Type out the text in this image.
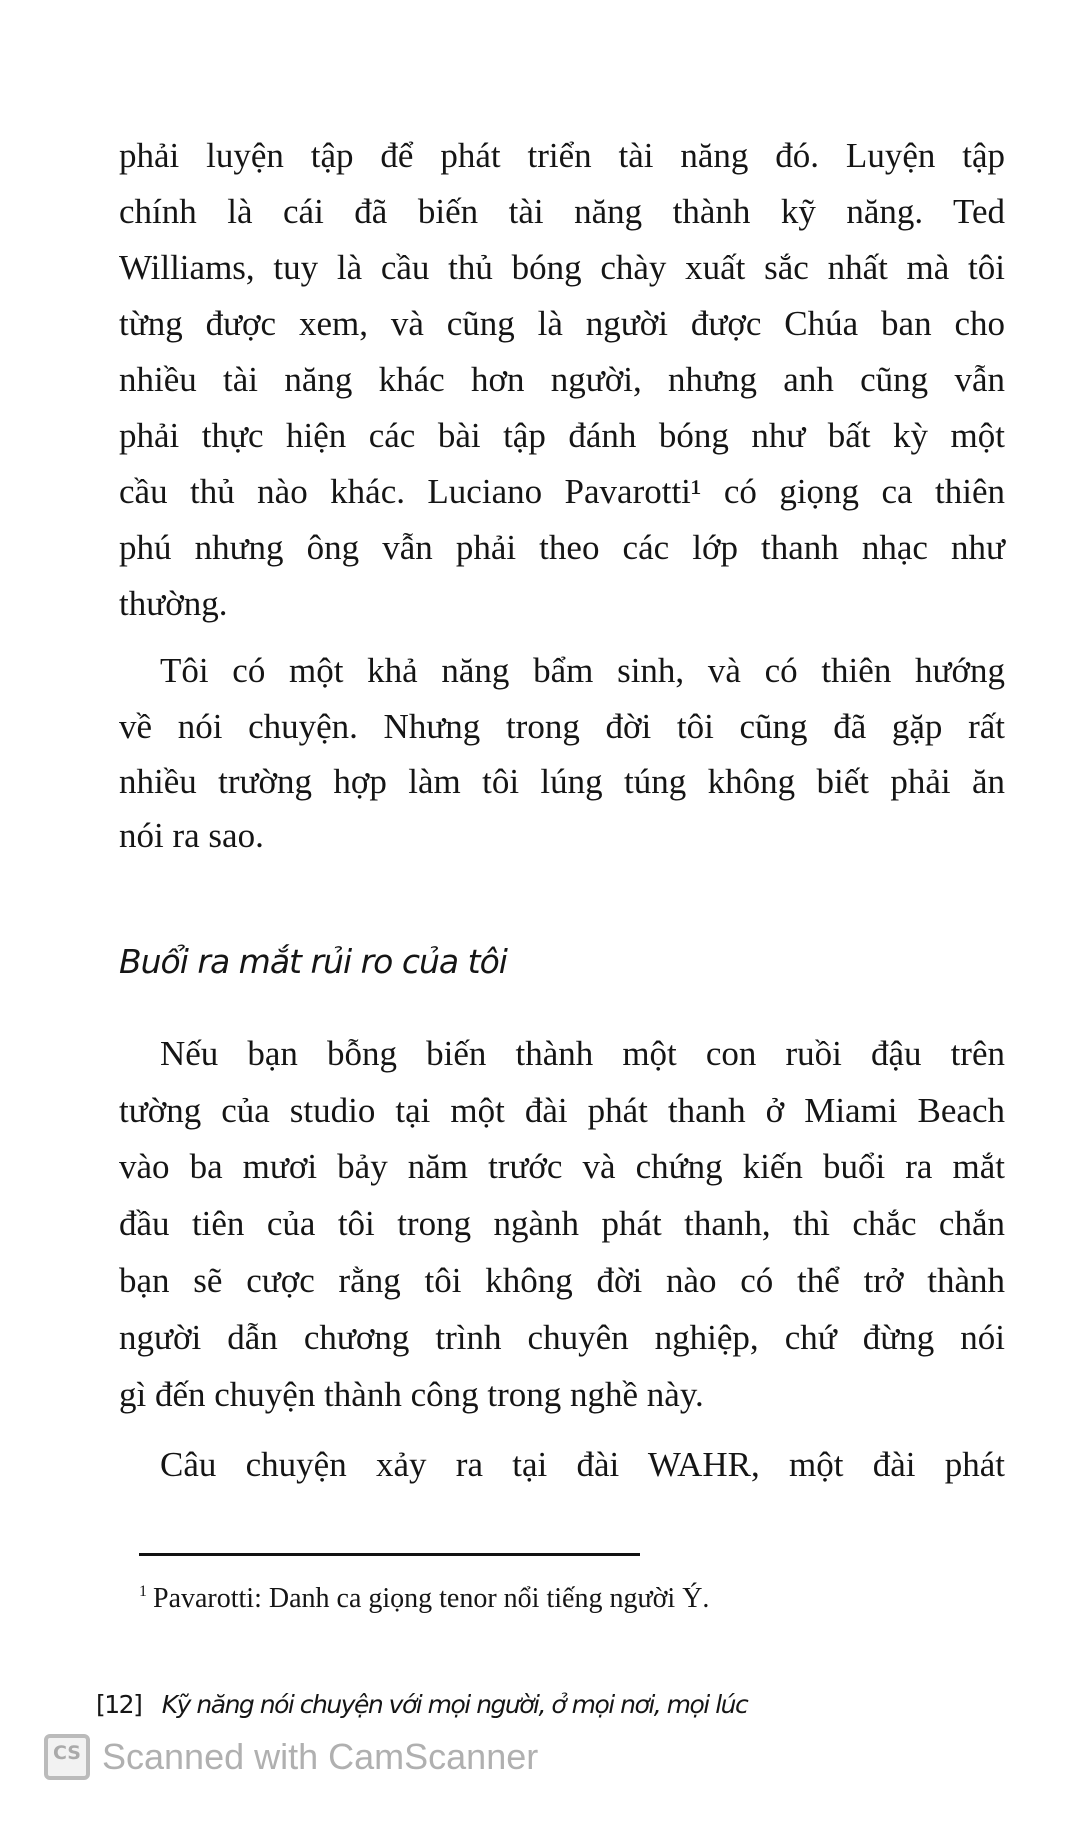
phải luyện tập để phát triển tài năng đó. Luyện tập
chính là cái đã biến tài năng thành kỹ năng. Ted
Williams, tuy là cầu thủ bóng chày xuất sắc nhất mà tôi
từng được xem, và cũng là người được Chúa ban cho
nhiều tài năng khác hơn người, nhưng anh cũng vẫn
phải thực hiện các bài tập đánh bóng như bất kỳ một
cầu thủ nào khác. Luciano Pavarotti¹ có giọng ca thiên
phú nhưng ông vẫn phải theo các lớp thanh nhạc như
thường.
Tôi có một khả năng bẩm sinh, và có thiên hướng
về nói chuyện. Nhưng trong đời tôi cũng đã gặp rất
nhiều trường hợp làm tôi lúng túng không biết phải ăn
nói ra sao.
Buổi ra mắt rủi ro của tôi
Nếu bạn bỗng biến thành một con ruồi đậu trên
tường của studio tại một đài phát thanh ở Miami Beach
vào ba mươi bảy năm trước và chứng kiến buổi ra mắt
đầu tiên của tôi trong ngành phát thanh, thì chắc chắn
bạn sẽ cược rằng tôi không đời nào có thể trở thành
người dẫn chương trình chuyên nghiệp, chứ đừng nói
gì đến chuyện thành công trong nghề này.
Câu chuyện xảy ra tại đài WAHR, một đài phát
$^1$ Pavarotti: Danh ca giọng tenor nổi tiếng người Ý.
[12] Kỹ năng nói chuyện với mọi người, ở mọi nơi, mọi lúc
CS Scanned with CamScanner
